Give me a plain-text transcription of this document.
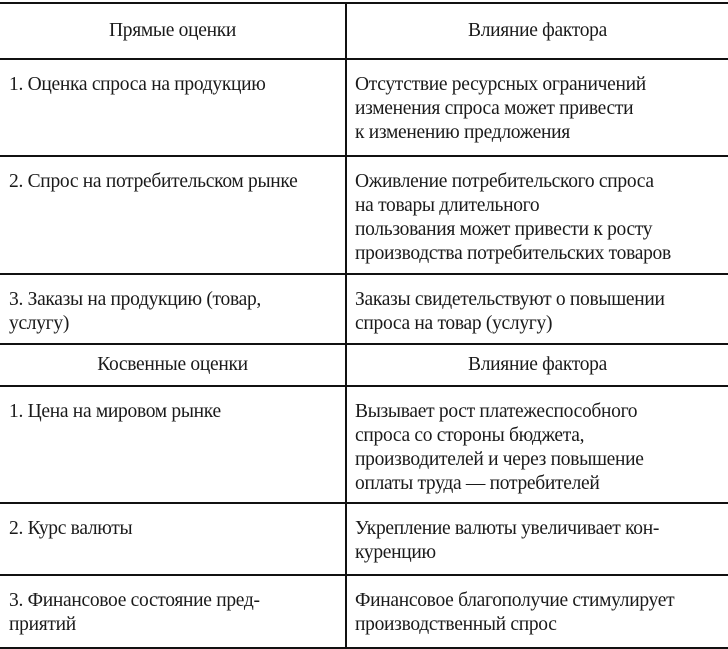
Прямые оценки	Влияние фактора

1. Оценка спроса на продукцию	Отсутствие ресурсных ограничений
изменения спроса может привести
к изменению предложения

2. Спрос на потребительском рынке	Оживление потребительского спроса
на товары длительного
пользования может привести к росту
производства потребительских товаров

3. Заказы на продукцию (товар,
услугу)	Заказы свидетельствуют о повышении
спроса на товар (услугу)

Косвенные оценки	Влияние фактора

1. Цена на мировом рынке	Вызывает рост платежеспособного
спроса со стороны бюджета,
производителей и через повышение
оплаты труда — потребителей

2. Курс валюты	Укрепление валюты увеличивает кон-
куренцию

3. Финансовое состояние пред-
приятий	Финансовое благополучие стимулирует
производственный спрос
